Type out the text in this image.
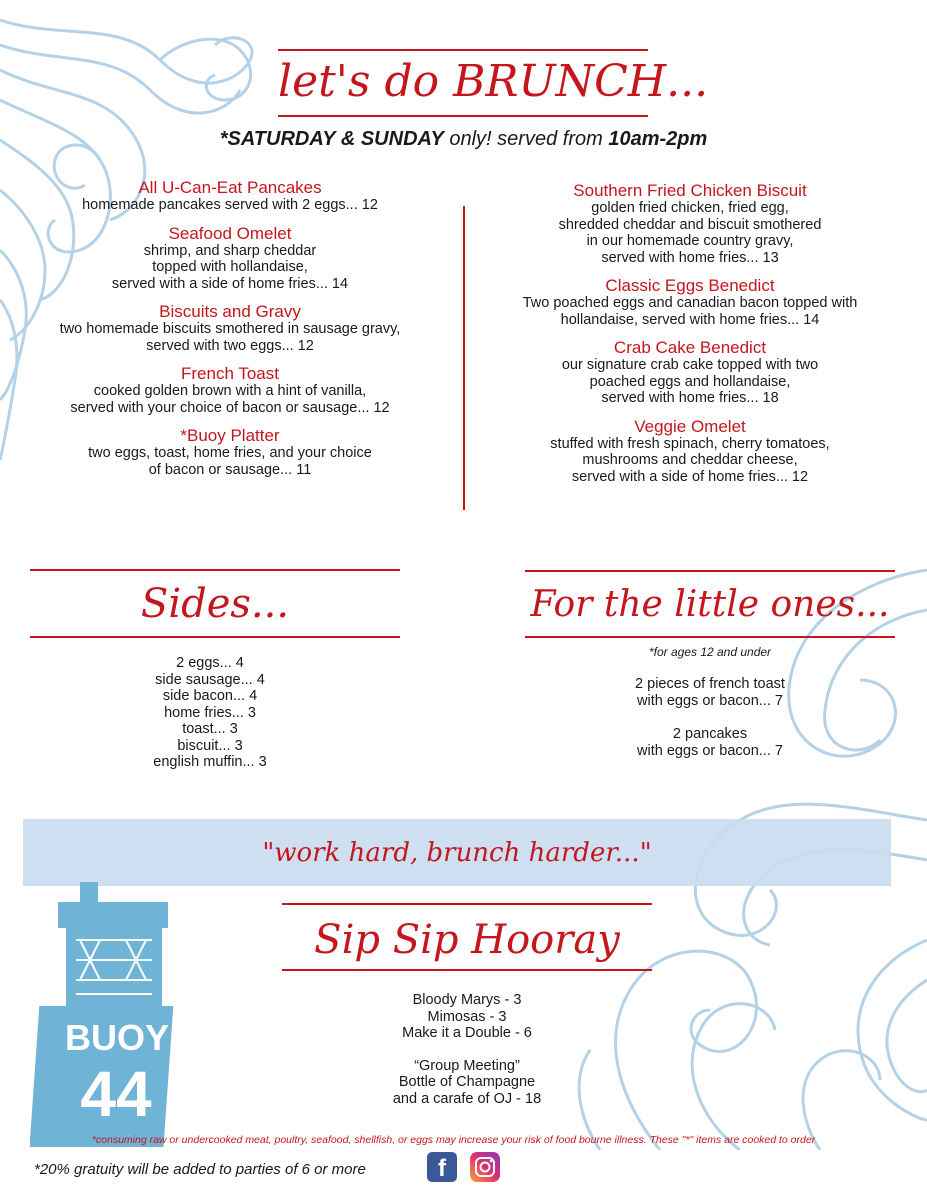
let's do BRUNCH...
*SATURDAY & SUNDAY only! served from 10am-2pm
All U-Can-Eat Pancakes
homemade pancakes served with 2 eggs... 12
Seafood Omelet
shrimp, and sharp cheddar
topped with hollandaise,
served with a side of home fries... 14
Biscuits and Gravy
two homemade biscuits smothered in sausage gravy,
served with two eggs... 12
French Toast
cooked golden brown with a hint of vanilla,
served with your choice of bacon or sausage... 12
*Buoy Platter
two eggs, toast, home fries, and your choice
of bacon or sausage... 11
Southern Fried Chicken Biscuit
golden fried chicken, fried egg,
shredded cheddar and biscuit smothered
in our homemade country gravy,
served with home fries... 13
Classic Eggs Benedict
Two poached eggs and canadian bacon topped with
hollandaise, served with home fries... 14
Crab Cake Benedict
our signature crab cake topped with two
poached eggs and hollandaise,
served with home fries... 18
Veggie Omelet
stuffed with fresh spinach, cherry tomatoes,
mushrooms and cheddar cheese,
served with a side of home fries... 12
Sides...
2 eggs... 4
side sausage... 4
side bacon... 4
home fries... 3
toast... 3
biscuit... 3
english muffin... 3
For the little ones...
*for ages 12 and under
2 pieces of french toast
with eggs or bacon... 7
2 pancakes
with eggs or bacon... 7
"work hard, brunch harder..."
BUOY
44
Sip Sip Hooray
Bloody Marys - 3
Mimosas - 3
Make it a Double - 6
“Group Meeting”
Bottle of Champagne
and a carafe of OJ - 18
*consuming raw or undercooked meat, poultry, seafood, shellfish, or eggs may increase your risk of food bourne illness. These "*" items are cooked to order
*20% gratuity will be added to parties of 6 or more	f
